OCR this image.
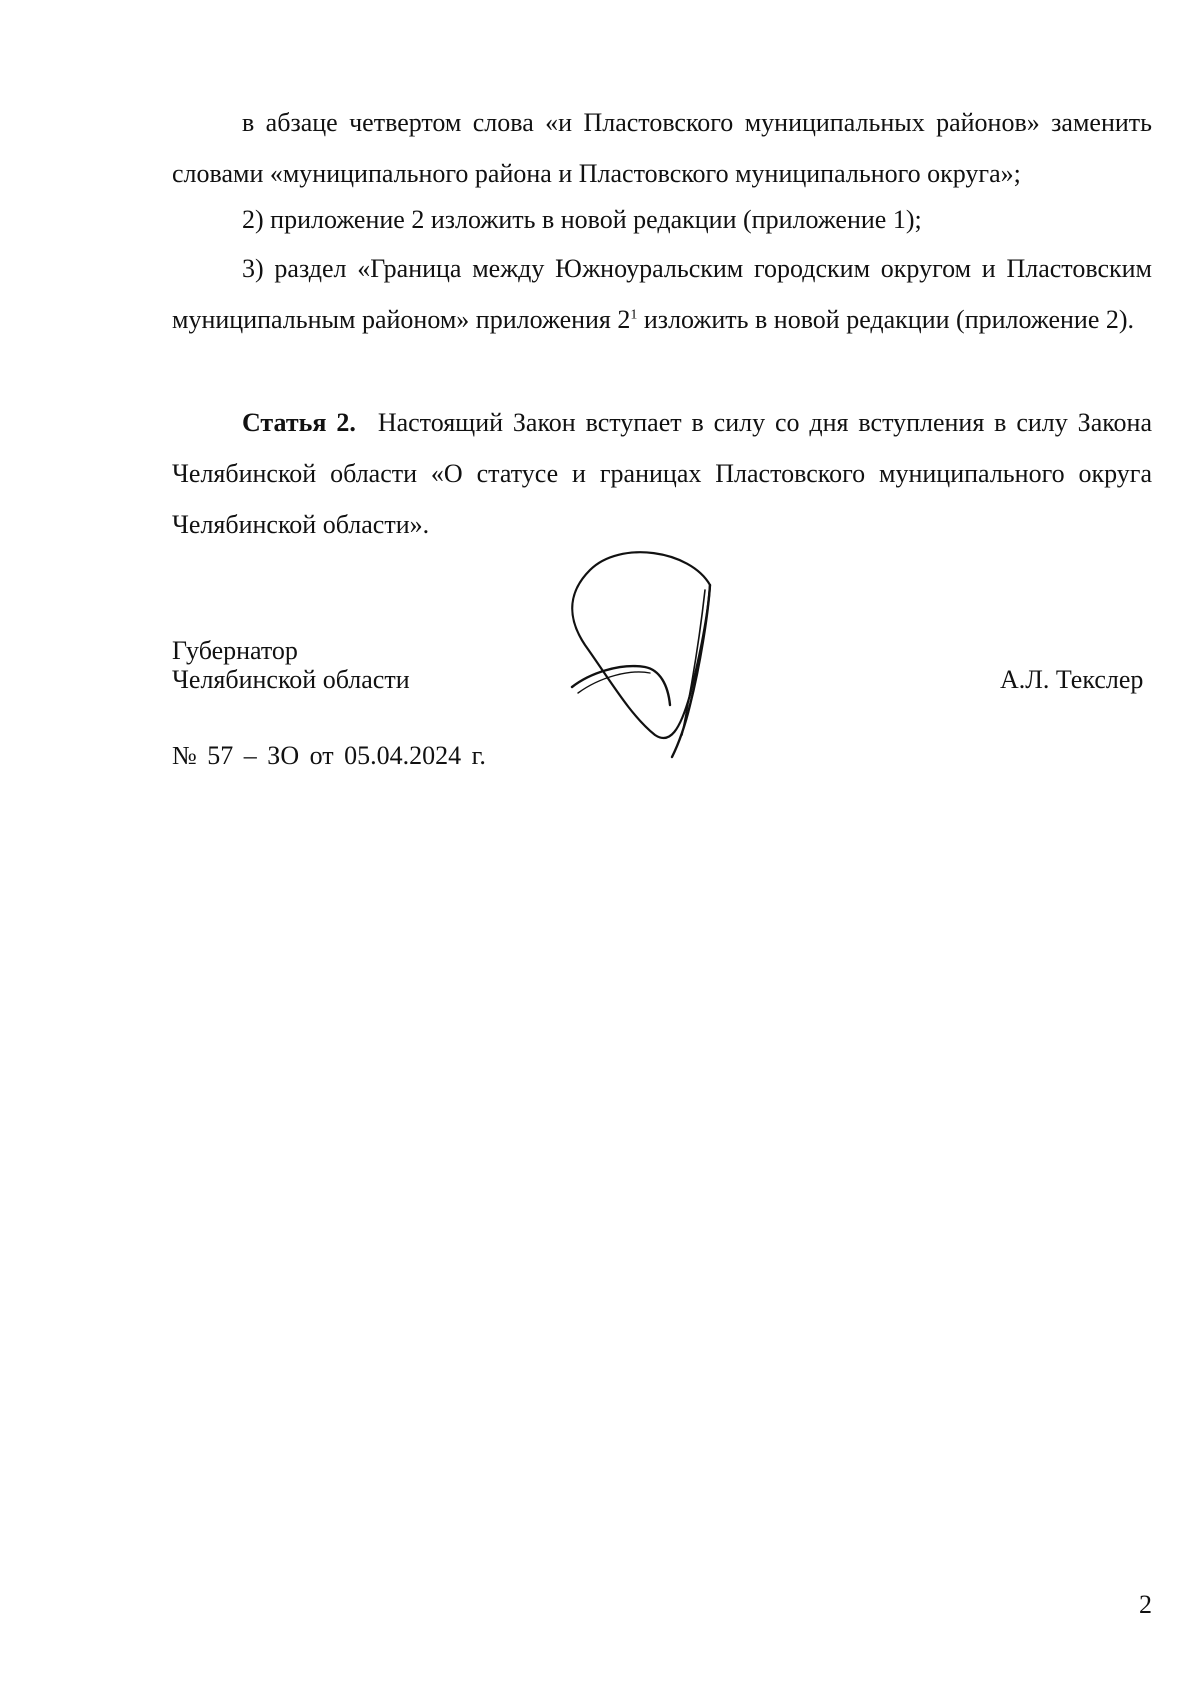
в абзаце четвертом слова «и Пластовского муниципальных районов» заменить словами «муниципального района и Пластовского муниципального округа»;

2) приложение 2 изложить в новой редакции (приложение 1);

3) раздел «Граница между Южноуральским городским округом и Пластовским муниципальным районом» приложения $2^1$ изложить в новой редакции (приложение 2).

Статья 2. Настоящий Закон вступает в силу со дня вступления в силу Закона Челябинской области «О статусе и границах Пластовского муниципального округа Челябинской области».

Губернатор
Челябинской области	А.Л. Текслер
№ 57 – ЗО от 05.04.2024 г.
2
